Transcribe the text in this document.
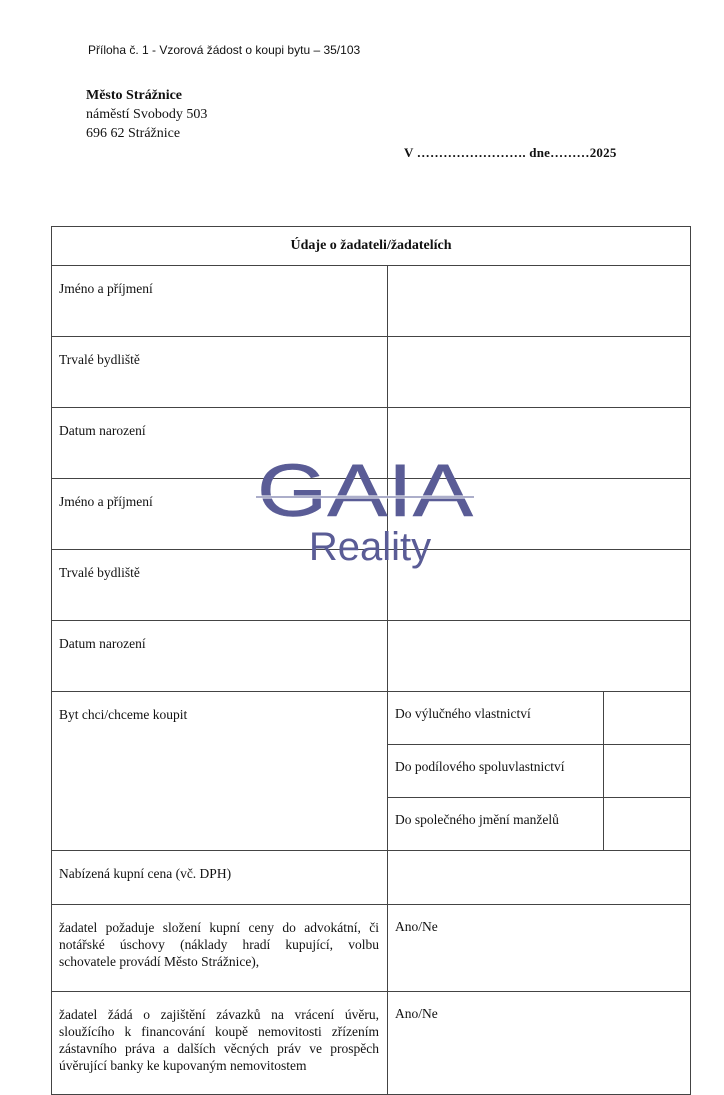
Příloha č. 1 - Vzorová žádost o koupi bytu – 35/103
Město Strážnice
náměstí Svobody 503
696 62 Strážnice
V ……………………. dne………2025
Údaje o žadateli/žadatelích		
Jméno a příjmení		
Trvalé bydliště		
Datum narození		
Jméno a příjmení		
Trvalé bydliště		
Datum narození		
Byt chci/chceme koupit	Do výlučného vlastnictví	
	Do podílového spoluvlastnictví	
	Do společného jmění manželů	
Nabízená kupní cena (vč. DPH)		
žadatel požaduje složení kupní ceny do advokátní, či notářské úschovy (náklady hradí kupující, volbu schovatele provádí Město Strážnice),	Ano/Ne	
žadatel žádá o zajištění závazků na vrácení úvěru, sloužícího k financování koupě nemovitosti zřízením zástavního práva a dalších věcných práv ve prospěch úvěrující banky ke kupovaným nemovitostem	Ano/Ne	
GAIA
Reality
